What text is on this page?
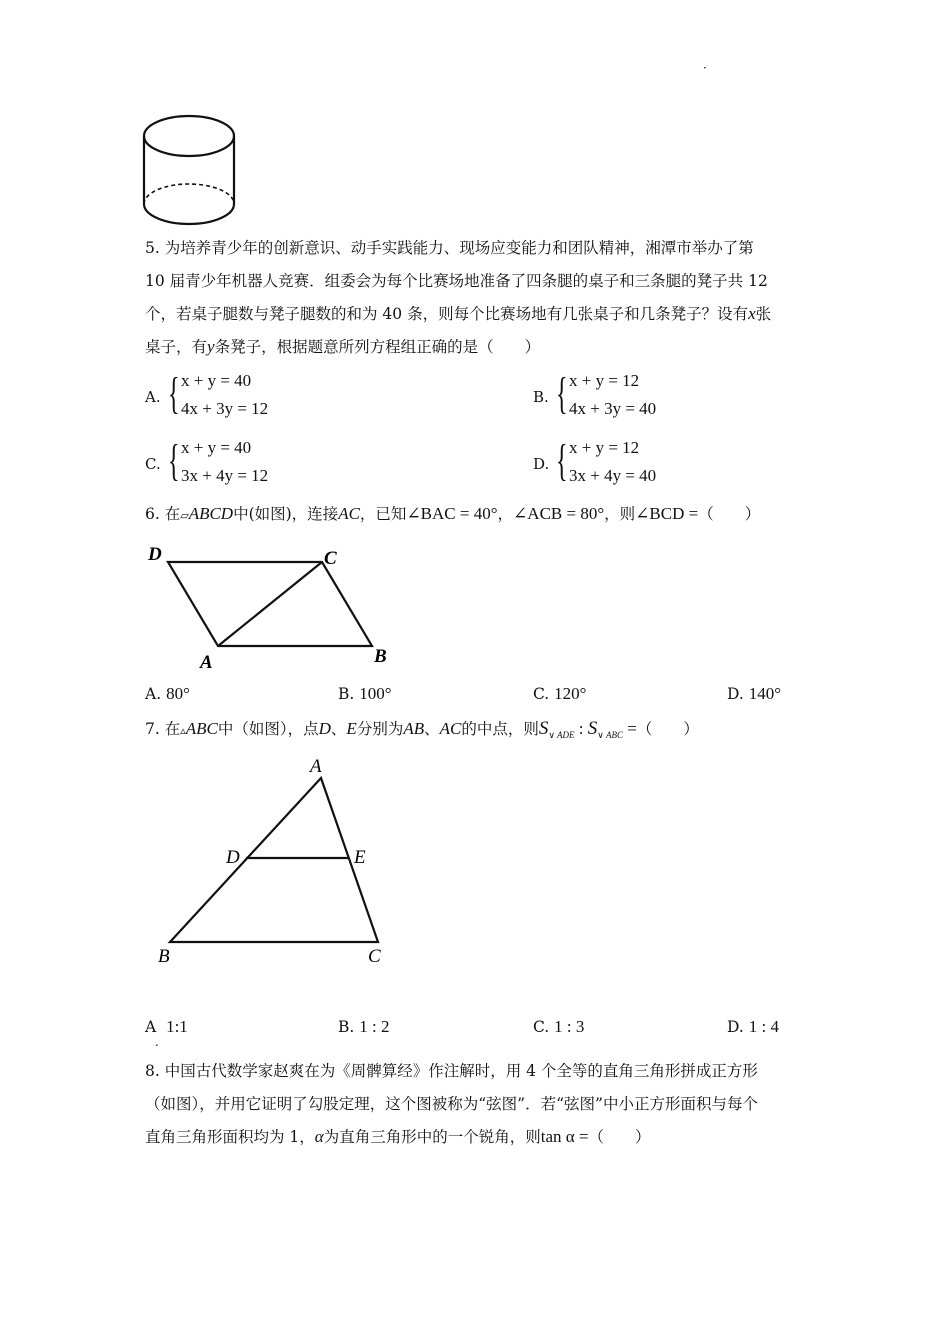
·
5. 为培养青少年的创新意识、动手实践能力、现场应变能力和团队精神，湘潭市举办了第
10 届青少年机器人竞赛．组委会为每个比赛场地准备了四条腿的桌子和三条腿的凳子共 12
个，若桌子腿数与凳子腿数的和为 40 条，则每个比赛场地有几张桌子和几条凳子？设有x张
桌子，有y条凳子，根据题意所列方程组正确的是（　　）
A. { x + y = 40
4x + 3y = 12
B. { x + y = 12
4x + 3y = 40
C. { x + y = 40
3x + 4y = 12
D. { x + y = 12
3x + 4y = 40
6. 在▱ABCD中(如图)，连接AC，已知∠BAC = 40°，∠ACB = 80°，则∠BCD =（　　）
D	C
A	B
A. 80°	B. 100°	C. 120°	D. 140°
7. 在▵ABC中（如图），点D、E分别为AB、AC的中点，则$S_{\vee ADE}$ : $S_{\vee ABC}$ =（　　）
A
D	E
B	C
A 1:1
.
B. 1 : 2	C. 1 : 3	D. 1 : 4
8. 中国古代数学家赵爽在为《周髀算经》作注解时，用 4 个全等的直角三角形拼成正方形
（如图），并用它证明了勾股定理，这个图被称为“弦图”．若“弦图”中小正方形面积与每个
直角三角形面积均为 1，α为直角三角形中的一个锐角，则tan α =（　　）
